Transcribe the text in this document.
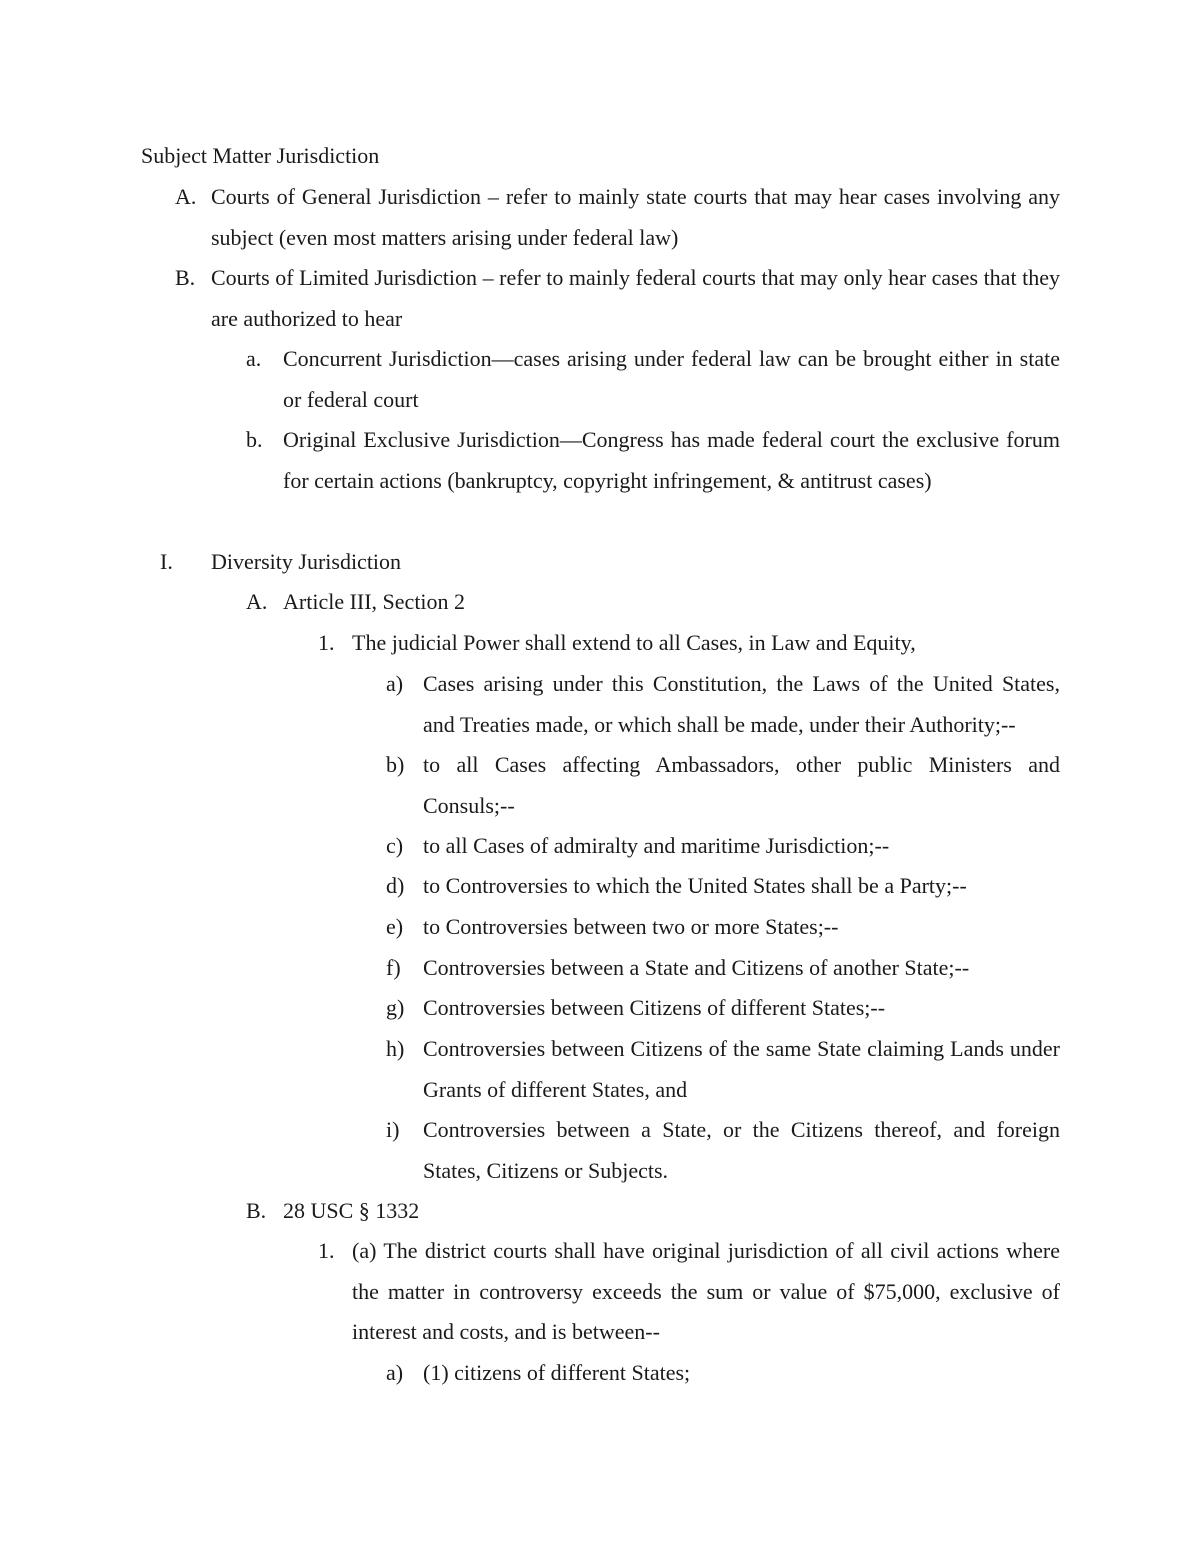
Subject Matter Jurisdiction
A. Courts of General Jurisdiction – refer to mainly state courts that may hear cases involving any subject (even most matters arising under federal law)
B. Courts of Limited Jurisdiction – refer to mainly federal courts that may only hear cases that they are authorized to hear
a. Concurrent Jurisdiction—cases arising under federal law can be brought either in state or federal court
b. Original Exclusive Jurisdiction—Congress has made federal court the exclusive forum for certain actions (bankruptcy, copyright infringement, & antitrust cases)
I. Diversity Jurisdiction
A. Article III, Section 2
1. The judicial Power shall extend to all Cases, in Law and Equity,
a) Cases arising under this Constitution, the Laws of the United States, and Treaties made, or which shall be made, under their Authority;--
b) to all Cases affecting Ambassadors, other public Ministers and Consuls;--
c) to all Cases of admiralty and maritime Jurisdiction;--
d) to Controversies to which the United States shall be a Party;--
e) to Controversies between two or more States;--
f) Controversies between a State and Citizens of another State;--
g) Controversies between Citizens of different States;--
h) Controversies between Citizens of the same State claiming Lands under Grants of different States, and
i) Controversies between a State, or the Citizens thereof, and foreign States, Citizens or Subjects.
B. 28 USC § 1332
1. (a) The district courts shall have original jurisdiction of all civil actions where the matter in controversy exceeds the sum or value of $75,000, exclusive of interest and costs, and is between--
a) (1) citizens of different States;
